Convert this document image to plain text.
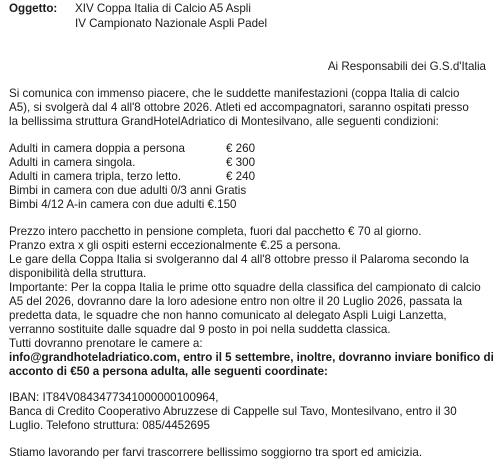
Oggetto: XIV Coppa Italia di Calcio A5 Aspli
IV Campionato Nazionale Aspli Padel
Ai Responsabili dei G.S.d'Italia
Si comunica con immenso piacere, che le suddette manifestazioni (coppa Italia di calcio
A5), si svolgerà dal 4 all'8 ottobre 2026. Atleti ed accompagnatori, saranno ospitati presso
la bellissima struttura GrandHotelAdriatico di Montesilvano, alle seguenti condizioni:
Adulti in camera doppia a persona	€ 260
Adulti in camera singola.	€ 300
Adulti in camera tripla, terzo letto.	€ 240
Bimbi in camera con due adulti 0/3 anni Gratis
Bimbi 4/12 A-in camera con due adulti €.150
Prezzo intero pacchetto in pensione completa, fuori dal pacchetto € 70 al giorno.
Pranzo extra x gli ospiti esterni eccezionalmente €.25 a persona.
Le gare della Coppa Italia si svolgeranno dal 4 all'8 ottobre presso il Palaroma secondo la
disponibilità della struttura.
Importante: Per la coppa Italia le prime otto squadre della classifica del campionato di calcio
A5 del 2026, dovranno dare la loro adesione entro non oltre il 20 Luglio 2026, passata la
predetta data, le squadre che non hanno comunicato al delegato Aspli Luigi Lanzetta,
verranno sostituite dalle squadre dal 9 posto in poi nella suddetta classica.
Tutti dovranno prenotare le camere a:
info@grandhoteladriatico.com, entro il 5 settembre, inoltre, dovranno inviare bonifico di
acconto di €50 a persona adulta, alle seguenti coordinate:
IBAN: IT84V0843477341000000100964,
Banca di Credito Cooperativo Abruzzese di Cappelle sul Tavo, Montesilvano, entro il 30
Luglio. Telefono struttura: 085/4452695
Stiamo lavorando per farvi trascorrere bellissimo soggiorno tra sport ed amicizia.
